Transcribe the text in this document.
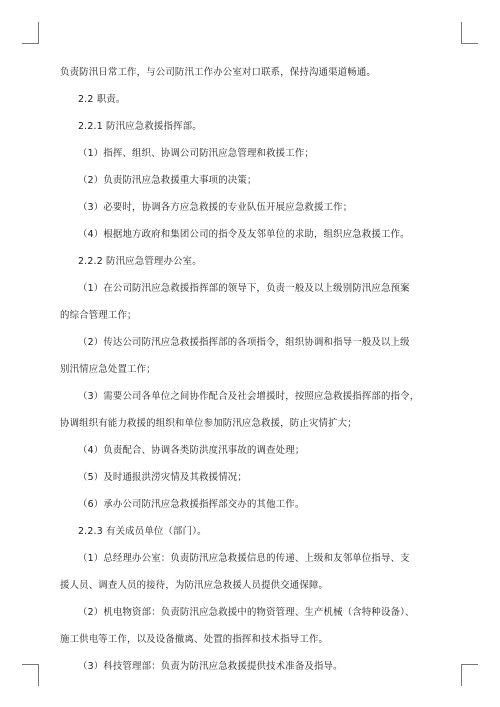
负责防汛日常工作，与公司防汛工作办公室对口联系，保持沟通渠道畅通。
2.2 职责。
2.2.1 防汛应急救援指挥部。
（1）指挥、组织、协调公司防汛应急管理和救援工作；
（2）负责防汛应急救援重大事项的决策；
（3）必要时，协调各方应急救援的专业队伍开展应急救援工作；
（4）根据地方政府和集团公司的指令及友邻单位的求助，组织应急救援工作。
2.2.2 防汛应急管理办公室。
（1）在公司防汛应急救援指挥部的领导下，负责一般及以上级别防汛应急预案
的综合管理工作；
（2）传达公司防汛应急救援指挥部的各项指令，组织协调和指导一般及以上级
别汛情应急处置工作；
（3）需要公司各单位之间协作配合及社会增援时，按照应急救援指挥部的指令，
协调组织有能力救援的组织和单位参加防汛应急救援，防止灾情扩大；
（4）负责配合、协调各类防洪度汛事故的调查处理；
（5）及时通报洪涝灾情及其救援情况；
（6）承办公司防汛应急救援指挥部交办的其他工作。
2.2.3 有关成员单位（部门）。
（1）总经理办公室：负责防汛应急救援信息的传递、上级和友邻单位指导、支
援人员、调查人员的接待，为防汛应急救援人员提供交通保障。
（2）机电物资部：负责防汛应急救援中的物资管理、生产机械（含特种设备）、
施工供电等工作，以及设备撤离、处置的指挥和技术指导工作。
（3）科技管理部：负责为防汛应急救援提供技术准备及指导。
